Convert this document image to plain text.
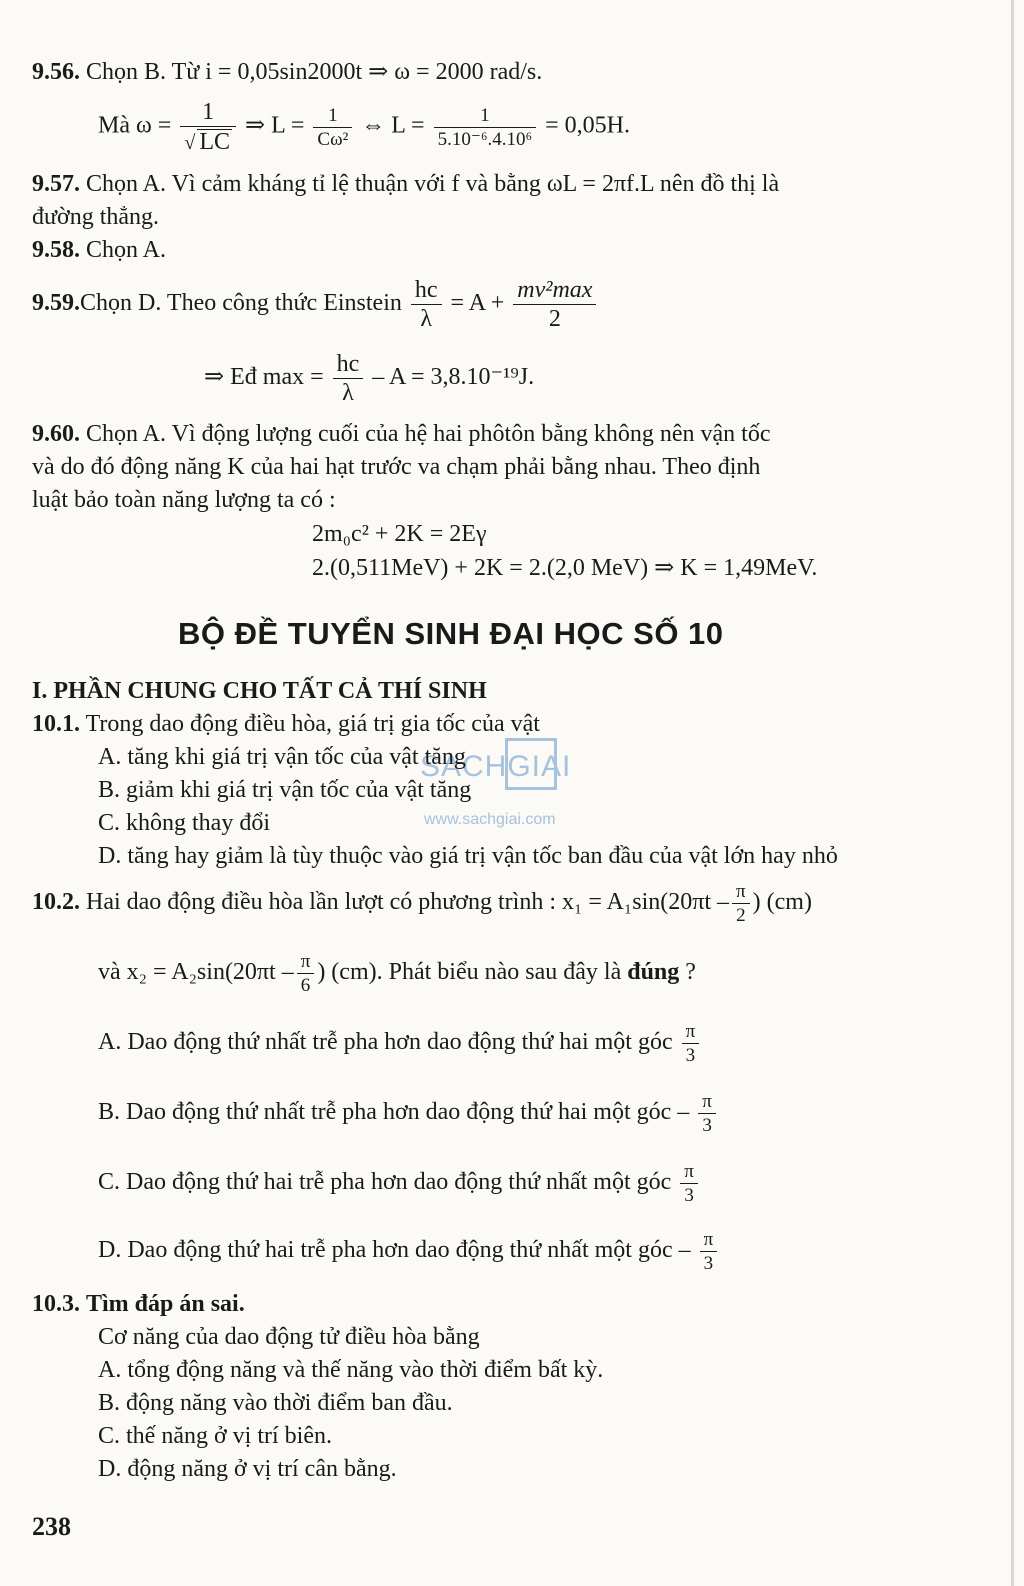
SACHGIAI
www.sachgiai.com
9.56. Chọn B. Từ i = 0,05sin2000t ⇒ ω = 2000 rad/s.
Mà $\omega = \frac{1}{√ LC}$ ⇒ $L = \frac{1}{\text{Cω²}}$ ⇔ $L = \frac{1}{\text{5.10⁻⁶.4.10⁶}} = 0,05H$.
9.57. Chọn A. Vì cảm kháng tỉ lệ thuận với f và bằng ωL = 2πf.L nên đồ thị là
đường thẳng.
9.58. Chọn A.
9.59.Chọn D. Theo công thức Einstein $\frac{hc}{\lambda} = A + \frac{\text{mv²max}}{2}$
⇒ Eđ $\max = \frac{hc}{\lambda} - A = 3,8.10^{-19}J$.
9.60. Chọn A. Vì động lượng cuối của hệ hai phôtôn bằng không nên vận tốc
và do đó động năng K của hai hạt trước va chạm phải bằng nhau. Theo định
luật bảo toàn năng lượng ta có :
2m₀c² + 2K = 2Eγ
2.(0,511MeV) + 2K = 2.(2,0 MeV) ⇒ K = 1,49MeV.
BỘ ĐỀ TUYỂN SINH ĐẠI HỌC SỐ 10
I. PHẦN CHUNG CHO TẤT CẢ THÍ SINH
10.1. Trong dao động điều hòa, giá trị gia tốc của vật
A. tăng khi giá trị vận tốc của vật tăng
B. giảm khi giá trị vận tốc của vật tăng
C. không thay đổi
D. tăng hay giảm là tùy thuộc vào giá trị vận tốc ban đầu của vật lớn hay nhỏ
10.2. Hai dao động điều hòa lần lượt có phương trình : $x_1 = A_1\sin(20\pi t - \frac{\pi}{2}$ ) (cm)
và $x_2 = A_2\sin(20\pi t - \frac{\pi}{6}$ ) (cm). Phát biểu nào sau đây là đúng ?
A. Dao động thứ nhất trễ pha hơn dao động thứ hai một góc $\frac{\pi}{3}$
B. Dao động thứ nhất trễ pha hơn dao động thứ hai một góc – $\frac{\pi}{3}$
C. Dao động thứ hai trễ pha hơn dao động thứ nhất một góc $\frac{\pi}{3}$
D. Dao động thứ hai trễ pha hơn dao động thứ nhất một góc – $\frac{\pi}{3}$
10.3. Tìm đáp án sai.
Cơ năng của dao động tử điều hòa bằng
A. tổng động năng và thế năng vào thời điểm bất kỳ.
B. động năng vào thời điểm ban đầu.
C. thế năng ở vị trí biên.
D. động năng ở vị trí cân bằng.
238
